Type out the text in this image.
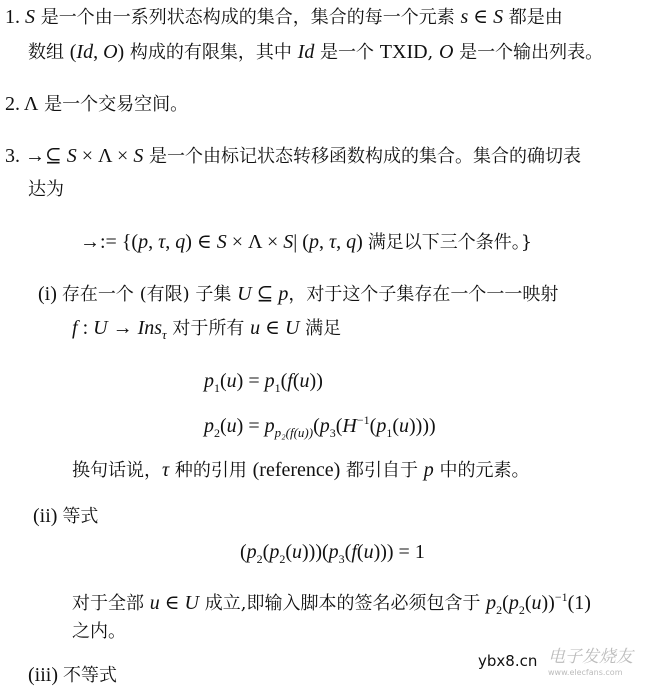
1. S 是一个由一系列状态构成的集合，集合的每一个元素 s ∈ S 都是由
数组 (Id, O) 构成的有限集，其中 Id 是一个 TXID, O 是一个输出列表。
2. Λ 是一个交易空间。
3. →⊆ S × Λ × S 是一个由标记状态转移函数构成的集合。集合的确切表
达为
→:= {(p, τ, q) ∈ S × Λ × S| (p, τ, q) 满足以下三个条件。}
(i) 存在一个 (有限) 子集 U ⊆ p，对于这个子集存在一个一一映射
f : U → Ins$_\tau$ 对于所有 u ∈ U 满足
$p_1(u) = p_1(f(u))$
$p_2(u) = p_{p_2(f(u))}(p_3(H^{-1}(p_1(u))))$
换句话说，τ 种的引用 (reference) 都引自于 p 中的元素。
(ii) 等式
$(p_2(p_2(u)))(p_3(f(u))) = 1$
对于全部 u ∈ U 成立,即输入脚本的签名必须包含于 $p_2(p_2(u))^{-1}(1)$
之内。
(iii) 不等式
ybx8.cn 电子发烧友
www.elecfans.com
